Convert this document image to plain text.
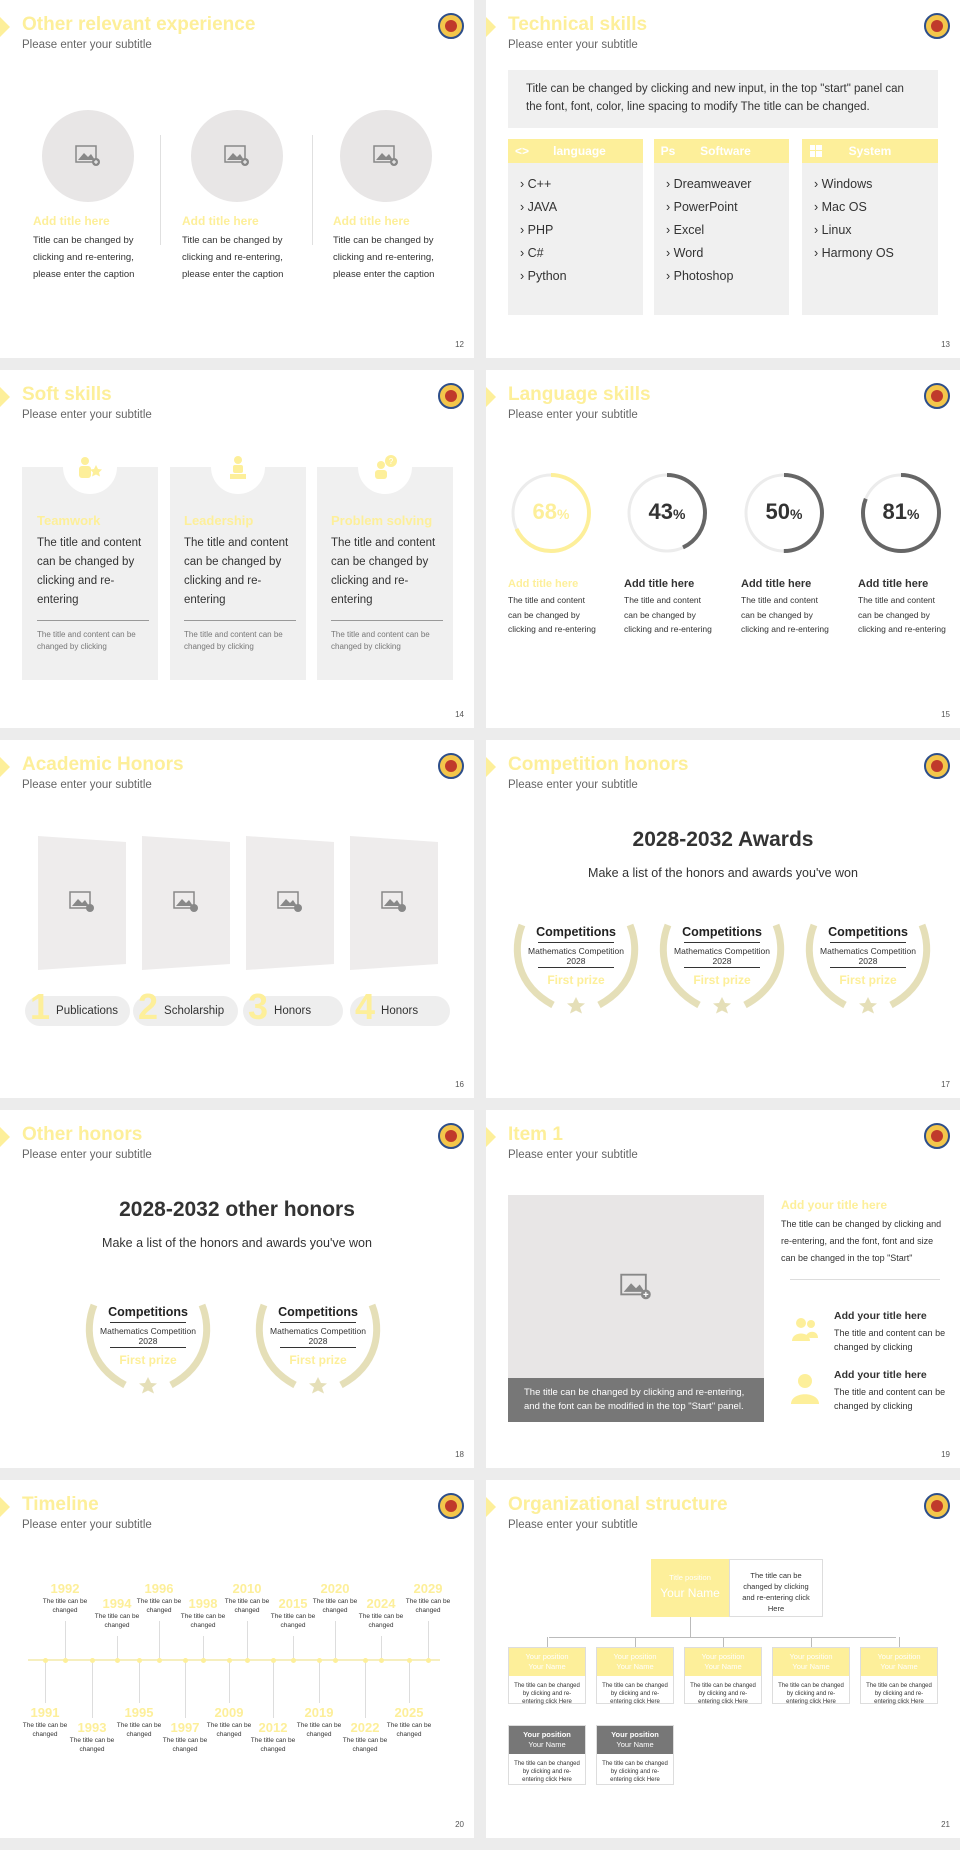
Other relevant experience
Please enter your subtitle
Add title here
Title can be changed by clicking and re-entering, please enter the caption
Add title here
Title can be changed by clicking and re-entering, please enter the caption
Add title here
Title can be changed by clicking and re-entering, please enter the caption
12
Technical skills
Please enter your subtitle
Title can be changed by clicking and new input, in the top "start" panel can the font, font, color, line spacing to modify The title can be changed.
<>	language
› C++
› JAVA
› PHP
› C#
› Python
Ps	Software
› Dreamweaver
› PowerPoint
› Excel
› Word
› Photoshop
System
› Windows
› Mac OS
› Linux
› Harmony OS
13
Soft skills
Please enter your subtitle
?
Teamwork
The title and content can be changed by clicking and re-entering
The title and content can be changed by clicking
Leadership
The title and content can be changed by clicking and re-entering
The title and content can be changed by clicking
Problem solving
The title and content can be changed by clicking and re-entering
The title and content can be changed by clicking
14
Language skills
Please enter your subtitle
68%	43%	50%	81%
Add title here
The title and content can be changed by clicking and re-entering
Add title here
The title and content can be changed by clicking and re-entering
Add title here
The title and content can be changed by clicking and re-entering
Add title here
The title and content can be changed by clicking and re-entering
15
Academic Honors
Please enter your subtitle
1 Publications 2 Scholarship 3 Honors 4 Honors
16
Competition honors
Please enter your subtitle
2028-2032 Awards
Make a list of the honors and awards you've won
Competitions
Mathematics Competition
2028
First prize
Competitions
Mathematics Competition
2028
First prize
Competitions
Mathematics Competition
2028
First prize
17
Other honors
Please enter your subtitle
2028-2032 other honors
Make a list of the honors and awards you've won
Competitions
Mathematics Competition
2028
First prize
Competitions
Mathematics Competition
2028
First prize
18
Item 1
Please enter your subtitle
The title can be changed by clicking and re-entering, and the font can be modified in the top "Start" panel.
Add your title here
The title can be changed by clicking and re-entering, and the font, font and size can be changed in the top "Start"
Add your title here
The title and content can be changed by clicking
Add your title here
The title and content can be changed by clicking
19
Timeline
Please enter your subtitle
1992
The title can be changed	1994
The title can be changed
1996
The title can be changed	1998
The title can be changed
2010
The title can be changed	2015
The title can be changed
2020
The title can be changed	2024
The title can be changed
2029
The title can be changed
1991
The title can be changed	1993
The title can be changed
1995
The title can be changed	1997
The title can be changed
2009
The title can be changed	2012
The title can be changed
2019
The title can be changed	2022
The title can be changed
2025
The title can be changed
20
Organizational structure
Please enter your subtitle
Title position
Your Name
The title can be changed by clicking and re-entering click Here
Your position
Your Name
The title can be changed by clicking and re-entering click Here
Your position
Your Name
The title can be changed by clicking and re-entering click Here
Your position
Your Name
The title can be changed by clicking and re-entering click Here
Your position
Your Name
The title can be changed by clicking and re-entering click Here
Your position
Your Name
The title can be changed by clicking and re-entering click Here
Your position
Your Name
The title can be changed by clicking and re-entering click Here
Your position
Your Name
The title can be changed by clicking and re-entering click Here
21
